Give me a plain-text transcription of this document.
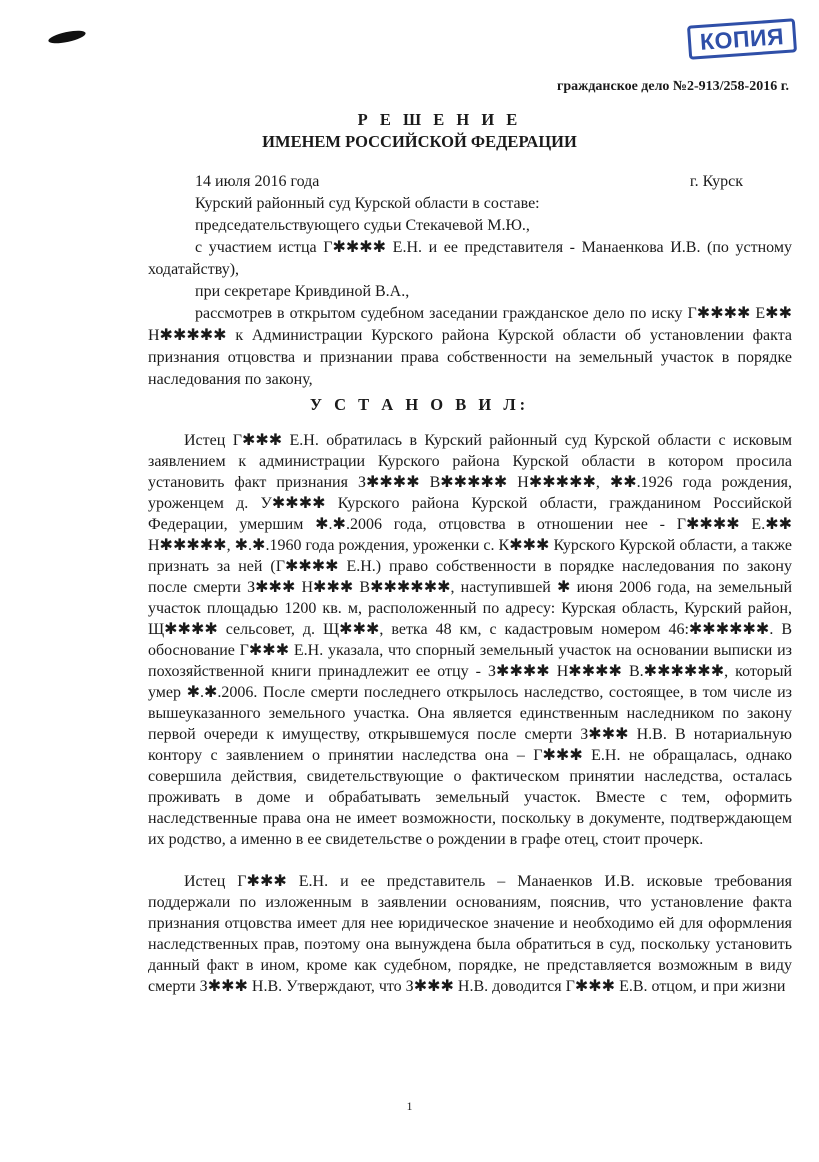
КОПИЯ
гражданское дело №2-913/258-2016 г.
Р Е Ш Е Н И Е
ИМЕНЕМ РОССИЙСКОЙ ФЕДЕРАЦИИ
14 июля 2016 года	г. Курск

Курский районный суд Курской области в составе:

председательствующего судьи Стекачевой М.Ю.,

с участием истца Г✱✱✱✱ Е.Н. и ее представителя - Манаенкова И.В. (по устному ходатайству),

при секретаре Кривдиной В.А.,

рассмотрев в открытом судебном заседании гражданское дело по иску Г✱✱✱✱ Е✱✱ Н✱✱✱✱✱ к Администрации Курского района Курской области об установлении факта признания отцовства и признании права собственности на земельный участок в порядке наследования по закону,

У С Т А Н О В И Л:

Истец Г✱✱✱ Е.Н. обратилась в Курский районный суд Курской области с исковым заявлением к администрации Курского района Курской области в котором просила установить факт признания З✱✱✱✱ В✱✱✱✱✱ Н✱✱✱✱✱, ✱✱.1926 года рождения, уроженцем д. У✱✱✱✱ Курского района Курской области, гражданином Российской Федерации, умершим ✱.✱.2006 года, отцовства в отношении нее - Г✱✱✱✱ Е.✱✱ Н✱✱✱✱✱, ✱.✱.1960 года рождения, уроженки с. К✱✱✱ Курского Курской области, а также признать за ней (Г✱✱✱✱ Е.Н.) право собственности в порядке наследования по закону после смерти З✱✱✱ Н✱✱✱ В✱✱✱✱✱✱, наступившей ✱ июня 2006 года, на земельный участок площадью 1200 кв. м, расположенный по адресу: Курская область, Курский район, Щ✱✱✱✱ сельсовет, д. Щ✱✱✱, ветка 48 км, с кадастровым номером 46:✱✱✱✱✱✱. В обоснование Г✱✱✱ Е.Н. указала, что спорный земельный участок на основании выписки из похозяйственной книги принадлежит ее отцу - З✱✱✱✱ Н✱✱✱✱ В.✱✱✱✱✱✱, который умер ✱.✱.2006. После смерти последнего открылось наследство, состоящее, в том числе из вышеуказанного земельного участка. Она является единственным наследником по закону первой очереди к имуществу, открывшемуся после смерти З✱✱✱ Н.В. В нотариальную контору с заявлением о принятии наследства она – Г✱✱✱ Е.Н. не обращалась, однако совершила действия, свидетельствующие о фактическом принятии наследства, осталась проживать в доме и обрабатывать земельный участок. Вместе с тем, оформить наследственные права она не имеет возможности, поскольку в документе, подтверждающем их родство, а именно в ее свидетельстве о рождении в графе отец, стоит прочерк.

Истец Г✱✱✱ Е.Н. и ее представитель – Манаенков И.В. исковые требования поддержали по изложенным в заявлении основаниям, пояснив, что установление факта признания отцовства имеет для нее юридическое значение и необходимо ей для оформления наследственных прав, поэтому она вынуждена была обратиться в суд, поскольку установить данный факт в ином, кроме как судебном, порядке, не представляется возможным в виду смерти З✱✱✱ Н.В. Утверждают, что З✱✱✱ Н.В. доводится Г✱✱✱ Е.В. отцом, и при жизни

1
